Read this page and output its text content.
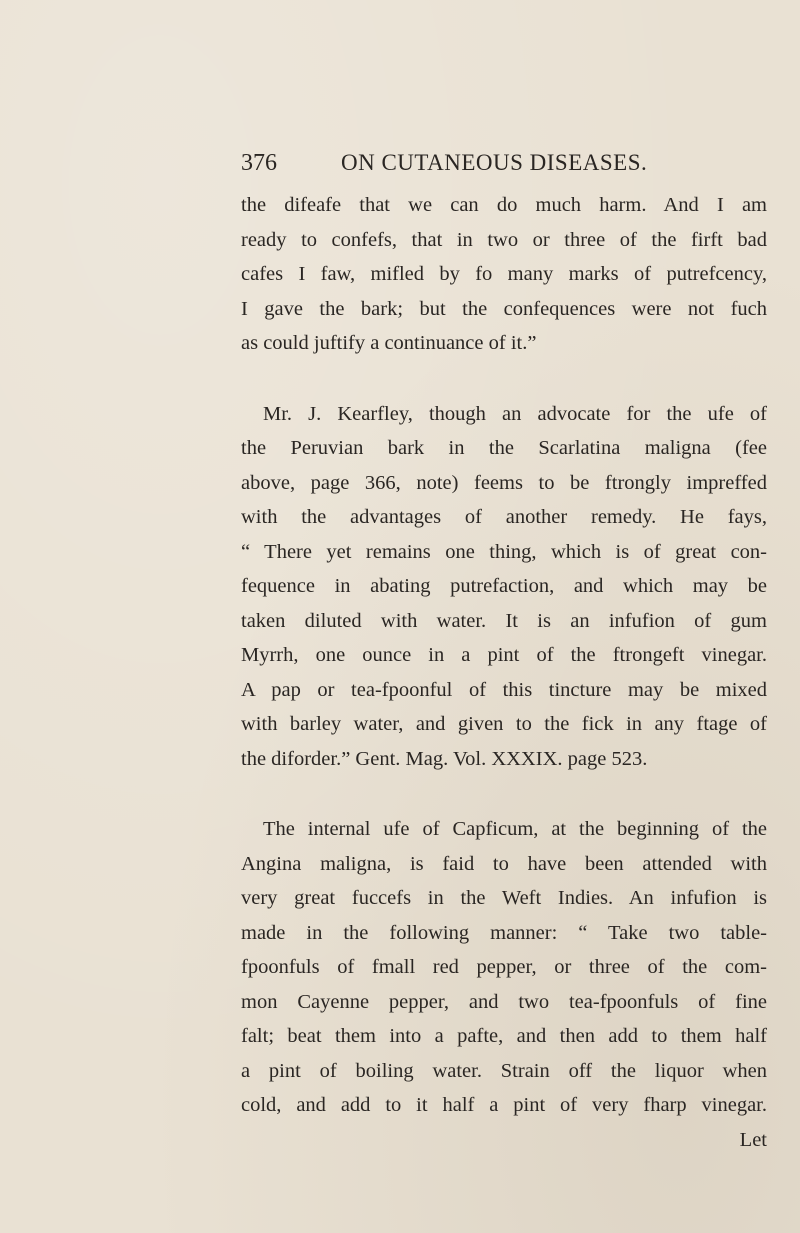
376	ON CUTANEOUS DISEASES.
the difeafe that we can do much harm. And I am
ready to confefs, that in two or three of the firft bad
cafes I faw, mifled by fo many marks of putrefcency,
I gave the bark; but the confequences were not fuch
as could juftify a continuance of it.”
Mr. J. Kearfley, though an advocate for the ufe of
the Peruvian bark in the Scarlatina maligna (fee
above, page 366, note) feems to be ftrongly impreffed
with the advantages of another remedy. He fays,
“ There yet remains one thing, which is of great con-
fequence in abating putrefaction, and which may be
taken diluted with water. It is an infufion of gum
Myrrh, one ounce in a pint of the ftrongeft vinegar.
A pap or tea-fpoonful of this tincture may be mixed
with barley water, and given to the fick in any ftage of
the diforder.” Gent. Mag. Vol. XXXIX. page 523.
The internal ufe of Capficum, at the beginning of the
Angina maligna, is faid to have been attended with
very great fuccefs in the Weft Indies. An infufion is
made in the following manner: “ Take two table-
fpoonfuls of fmall red pepper, or three of the com-
mon Cayenne pepper, and two tea-fpoonfuls of fine
falt; beat them into a pafte, and then add to them half
a pint of boiling water. Strain off the liquor when
cold, and add to it half a pint of very fharp vinegar.
Let
